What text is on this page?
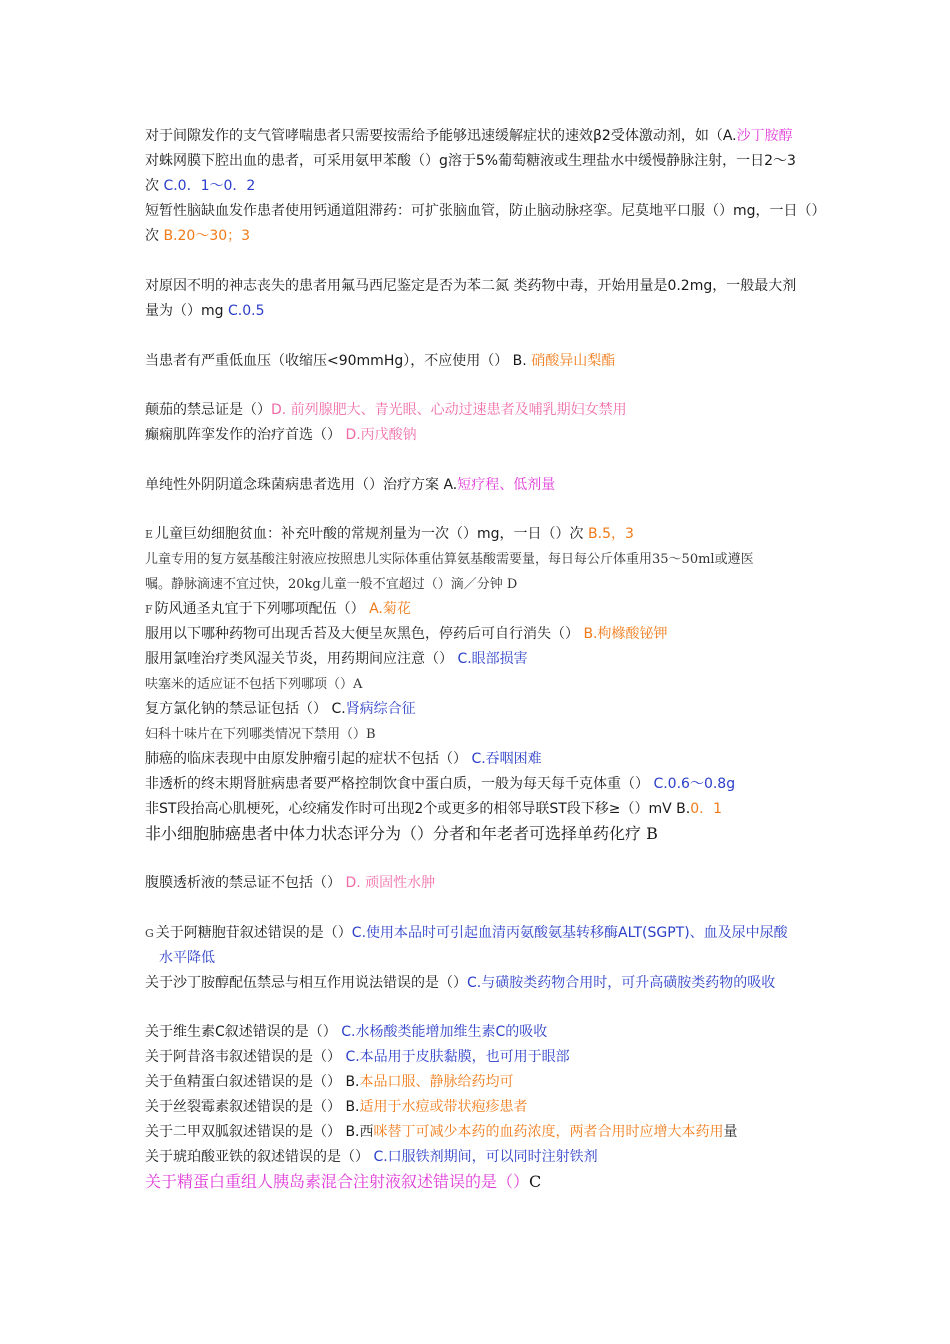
对于间隙发作的支气管哮喘患者只需要按需给予能够迅速缓解症状的速效β2受体激动剂，如（A.沙丁胺醇
对蛛网膜下腔出血的患者，可采用氨甲苯酸（）g溶于5%葡萄糖液或生理盐水中缓慢静脉注射，一日2～3
次 C.0．1～0．2
短暂性脑缺血发作患者使用钙通道阻滞药：可扩张脑血管，防止脑动脉痉挛。尼莫地平口服（）mg，一日（）
次 B.20～30；3
对原因不明的神志丧失的患者用氟马西尼鉴定是否为苯二氮 类药物中毒，开始用量是0.2mg，一般最大剂
量为（）mg C.0.5
当患者有严重低血压（收缩压<90mmHg），不应使用（） B. 硝酸异山梨酯
颠茄的禁忌证是（）D. 前列腺肥大、青光眼、心动过速患者及哺乳期妇女禁用
癫痫肌阵挛发作的治疗首选（） D.丙戊酸钠
单纯性外阴阴道念珠菌病患者选用（）治疗方案 A.短疗程、低剂量
E 儿童巨幼细胞贫血：补充叶酸的常规剂量为一次（）mg，一日（）次 B.5，3
儿童专用的复方氨基酸注射液应按照患儿实际体重估算氨基酸需要量，每日每公斤体重用35～50ml或遵医
嘱。静脉滴速不宜过快，20kg儿童一般不宜超过（）滴／分钟 D
F 防风通圣丸宜于下列哪项配伍（） A.菊花
服用以下哪种药物可出现舌苔及大便呈灰黑色，停药后可自行消失（） B.枸橼酸铋钾
服用氯喹治疗类风湿关节炎，用药期间应注意（） C.眼部损害
呋塞米的适应证不包括下列哪项（）A
复方氯化钠的禁忌证包括（） C.肾病综合征
妇科十味片在下列哪类情况下禁用（）B
肺癌的临床表现中由原发肿瘤引起的症状不包括（） C.吞咽困难
非透析的终末期肾脏病患者要严格控制饮食中蛋白质，一般为每天每千克体重（） C.0.6～0.8g
非ST段抬高心肌梗死，心绞痛发作时可出现2个或更多的相邻导联ST段下移≥（）mV B.0．1
非小细胞肺癌患者中体力状态评分为（）分者和年老者可选择单药化疗 B
腹膜透析液的禁忌证不包括（） D. 顽固性水肿
G 关于阿糖胞苷叙述错误的是（）C.使用本品时可引起血清丙氨酸氨基转移酶ALT(SGPT)、血及尿中尿酸
水平降低
关于沙丁胺醇配伍禁忌与相互作用说法错误的是（）C.与磺胺类药物合用时，可升高磺胺类药物的吸收
关于维生素C叙述错误的是（） C.水杨酸类能增加维生素C的吸收
关于阿昔洛韦叙述错误的是（） C.本品用于皮肤黏膜，也可用于眼部
关于鱼精蛋白叙述错误的是（） B.本品口服、静脉给药均可
关于丝裂霉素叙述错误的是（） B.适用于水痘或带状疱疹患者
关于二甲双胍叙述错误的是（） B.西咪替丁可减少本药的血药浓度，两者合用时应增大本药用量
关于琥珀酸亚铁的叙述错误的是（） C.口服铁剂期间，可以同时注射铁剂
关于精蛋白重组人胰岛素混合注射液叙述错误的是（）C
